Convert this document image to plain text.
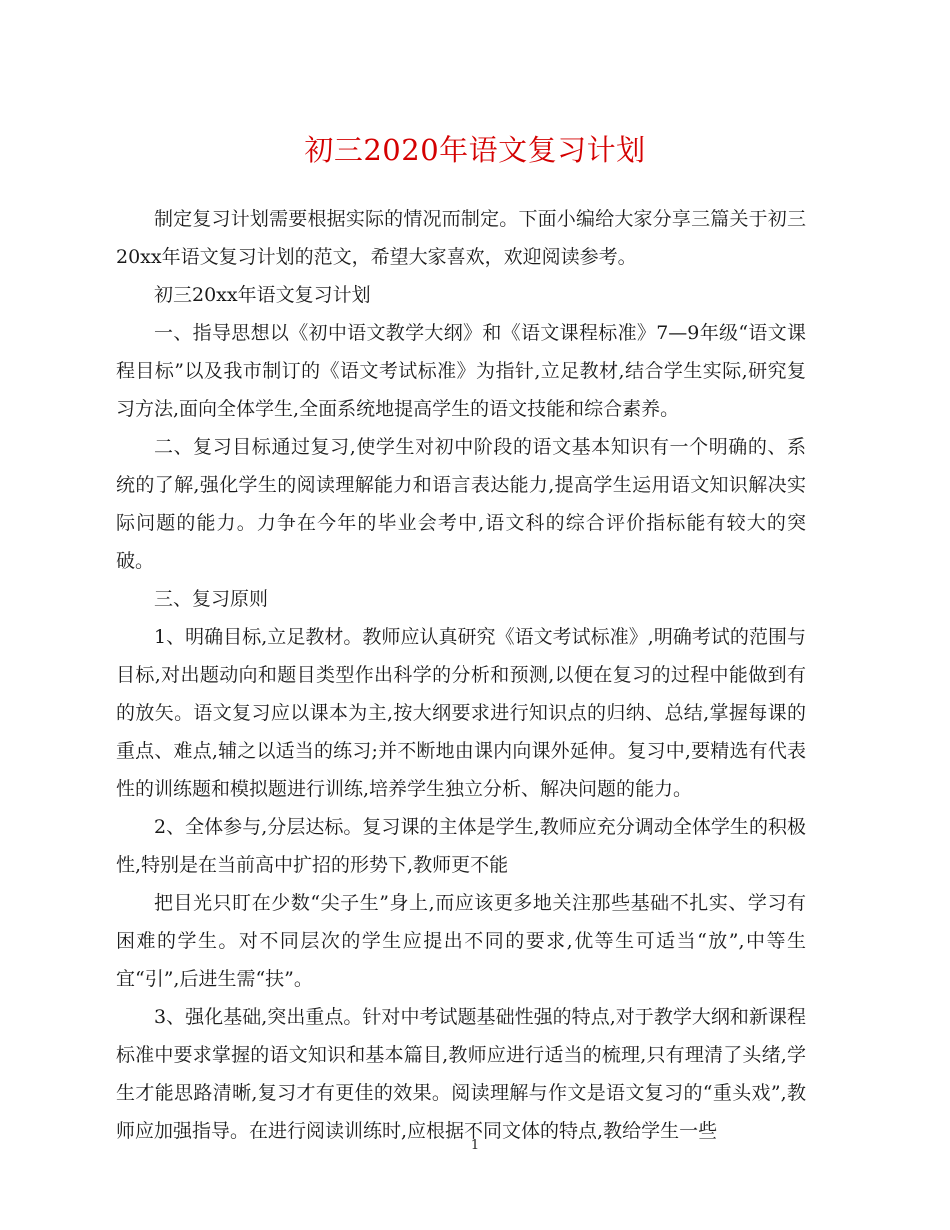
初三2020年语文复习计划

制定复习计划需要根据实际的情况而制定。下面小编给大家分享三篇关于初三20xx年语文复习计划的范文，希望大家喜欢，欢迎阅读参考。

初三20xx年语文复习计划

一、指导思想以《初中语文教学大纲》和《语文课程标准》7—9年级“语文课程目标”以及我市制订的《语文考试标准》为指针,立足教材,结合学生实际,研究复习方法,面向全体学生,全面系统地提高学生的语文技能和综合素养。

二、复习目标通过复习,使学生对初中阶段的语文基本知识有一个明确的、系统的了解,强化学生的阅读理解能力和语言表达能力,提高学生运用语文知识解决实际问题的能力。力争在今年的毕业会考中,语文科的综合评价指标能有较大的突破。

三、复习原则

1、明确目标,立足教材。教师应认真研究《语文考试标准》,明确考试的范围与目标,对出题动向和题目类型作出科学的分析和预测,以便在复习的过程中能做到有的放矢。语文复习应以课本为主,按大纲要求进行知识点的归纳、总结,掌握每课的重点、难点,辅之以适当的练习;并不断地由课内向课外延伸。复习中,要精选有代表性的训练题和模拟题进行训练,培养学生独立分析、解决问题的能力。

2、全体参与,分层达标。复习课的主体是学生,教师应充分调动全体学生的积极性,特别是在当前高中扩招的形势下,教师更不能

把目光只盯在少数“尖子生”身上,而应该更多地关注那些基础不扎实、学习有困难的学生。对不同层次的学生应提出不同的要求,优等生可适当“放”,中等生宜“引”,后进生需“扶”。

3、强化基础,突出重点。针对中考试题基础性强的特点,对于教学大纲和新课程标准中要求掌握的语文知识和基本篇目,教师应进行适当的梳理,只有理清了头绪,学生才能思路清晰,复习才有更佳的效果。阅读理解与作文是语文复习的“重头戏”,教师应加强指导。在进行阅读训练时,应根据不同文体的特点,教给学生一些

1
